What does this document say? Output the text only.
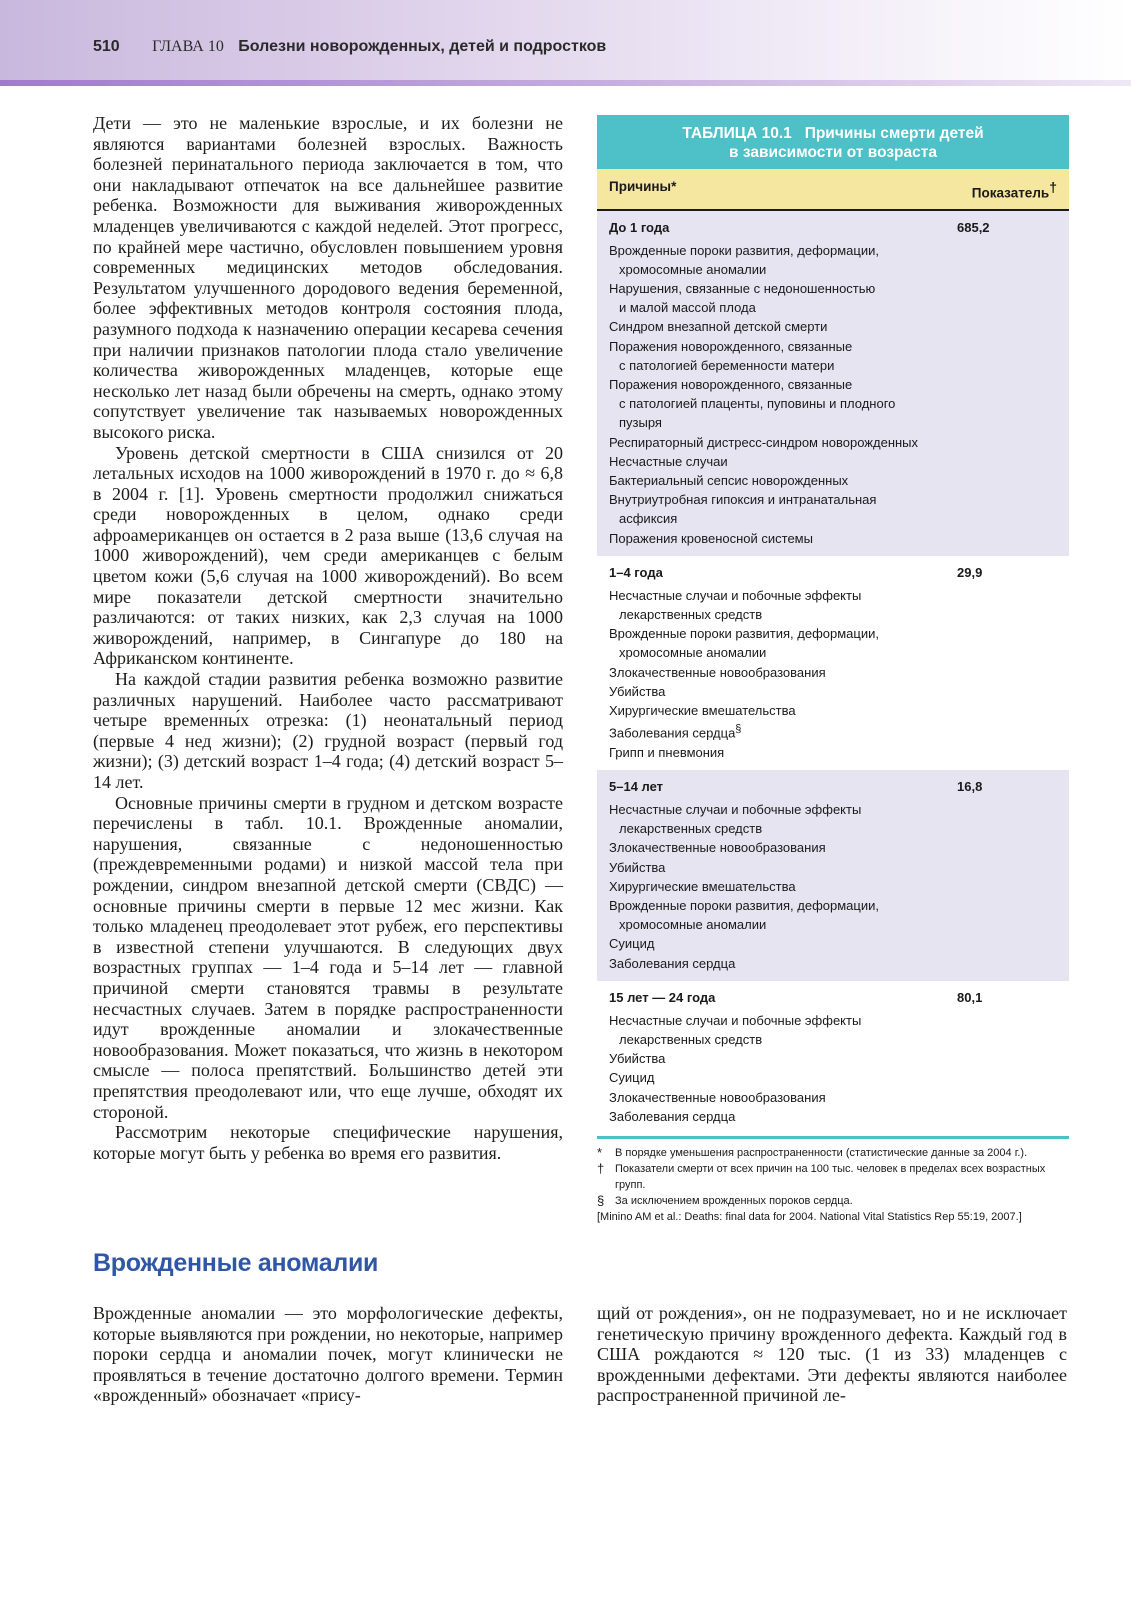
510 ГЛАВА 10 Болезни новорожденных, детей и подростков

Дети — это не маленькие взрослые, и их болезни не являются вариантами болезней взрослых. Важность болезней перинатального периода заключается в том, что они накладывают отпечаток на все дальнейшее развитие ребенка. Возможности для выживания живорожденных младенцев увеличиваются с каждой неделей. Этот прогресс, по крайней мере частично, обусловлен повышением уровня современных медицинских методов обследования. Результатом улучшенного дородового ведения беременной, более эффективных методов контроля состояния плода, разумного подхода к назначению операции кесарева сечения при наличии признаков патологии плода стало увеличение количества живорожденных младенцев, которые еще несколько лет назад были обречены на смерть, однако этому сопутствует увеличение так называемых новорожденных высокого риска.

Уровень детской смертности в США снизился от 20 летальных исходов на 1000 живорождений в 1970 г. до ≈ 6,8 в 2004 г. [1]. Уровень смертности продолжил снижаться среди новорожденных в целом, однако среди афроамериканцев он остается в 2 раза выше (13,6 случая на 1000 живорождений), чем среди американцев с белым цветом кожи (5,6 случая на 1000 живорождений). Во всем мире показатели детской смертности значительно различаются: от таких низких, как 2,3 случая на 1000 живорождений, например, в Сингапуре до 180 на Африканском континенте.

На каждой стадии развития ребенка возможно развитие различных нарушений. Наиболее часто рассматривают четыре временны́х отрезка: (1) неонатальный период (первые 4 нед жизни); (2) грудной возраст (первый год жизни); (3) детский возраст 1–4 года; (4) детский возраст 5–14 лет.

Основные причины смерти в грудном и детском возрасте перечислены в табл. 10.1. Врожденные аномалии, нарушения, связанные с недоношенностью (преждевременными родами) и низкой массой тела при рождении, синдром внезапной детской смерти (СВДС) — основные причины смерти в первые 12 мес жизни. Как только младенец преодолевает этот рубеж, его перспективы в известной степени улучшаются. В следующих двух возрастных группах — 1–4 года и 5–14 лет — главной причиной смерти становятся травмы в результате несчастных случаев. Затем в порядке распространенности идут врожденные аномалии и злокачественные новообразования. Может показаться, что жизнь в некотором смысле — полоса препятствий. Большинство детей эти препятствия преодолевают или, что еще лучше, обходят их стороной.

Рассмотрим некоторые специфические нарушения, которые могут быть у ребенка во время его развития.

ТАБЛИЦА 10.1   Причины смерти детей
в зависимости от возраста
Причины*	Показатель†
До 1 года	685,2
Врожденные пороки развития, деформации,
хромосомные аномалии
Нарушения, связанные с недоношенностью
и малой массой плода
Синдром внезапной детской смерти
Поражения новорожденного, связанные
с патологией беременности матери
Поражения новорожденного, связанные
с патологией плаценты, пуповины и плодного
пузыря
Респираторный дистресс-синдром новорожденных
Несчастные случаи
Бактериальный сепсис новорожденных
Внутриутробная гипоксия и интранатальная
асфиксия
Поражения кровеносной системы
1–4 года	29,9
Несчастные случаи и побочные эффекты
лекарственных средств
Врожденные пороки развития, деформации,
хромосомные аномалии
Злокачественные новообразования
Убийства
Хирургические вмешательства
Заболевания сердца§
Грипп и пневмония
5–14 лет	16,8
Несчастные случаи и побочные эффекты
лекарственных средств
Злокачественные новообразования
Убийства
Хирургические вмешательства
Врожденные пороки развития, деформации,
хромосомные аномалии
Суицид
Заболевания сердца
15 лет — 24 года	80,1
Несчастные случаи и побочные эффекты
лекарственных средств
Убийства
Суицид
Злокачественные новообразования
Заболевания сердца
*	В порядке уменьшения распространенности (статистические данные за 2004 г.).
† Показатели смерти от всех причин на 100 тыс. человек в пределах всех возрастных групп.
§ За исключением врожденных пороков сердца.
[Minino AM et al.: Deaths: final data for 2004. National Vital Statistics Rep 55:19, 2007.]
Врожденные аномалии

Врожденные аномалии — это морфологические дефекты, которые выявляются при рождении, но некоторые, например пороки сердца и аномалии почек, могут клинически не проявляться в течение достаточно долгого времени. Термин «врожденный» обозначает «прису-

щий от рождения», он не подразумевает, но и не исключает генетическую причину врожденного дефекта. Каждый год в США рождаются ≈ 120 тыс. (1 из 33) младенцев с врожденными дефектами. Эти дефекты являются наиболее распространенной причиной ле-
